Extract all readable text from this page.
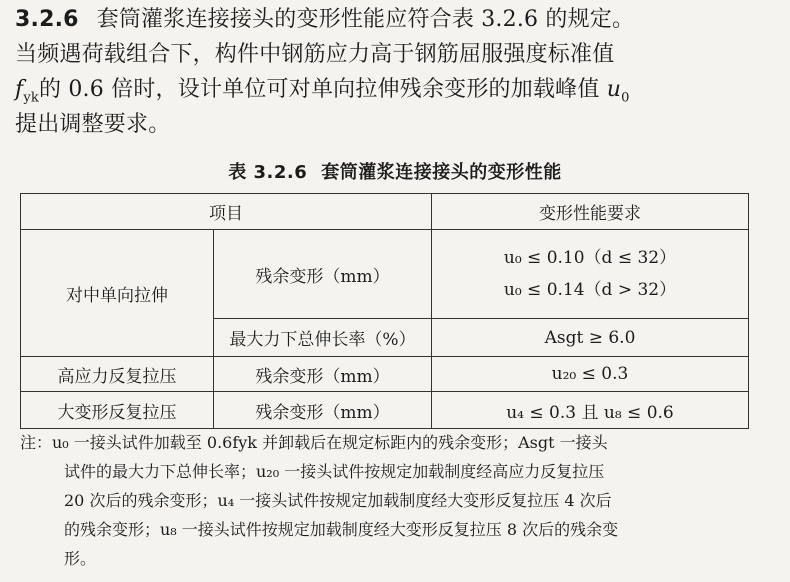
3.2.6 套筒灌浆连接接头的变形性能应符合表 3.2.6 的规定。
当频遇荷载组合下，构件中钢筋应力高于钢筋屈服强度标准值
$f_{yk}$的 0.6 倍时，设计单位可对单向拉伸残余变形的加载峰值 $u_0$
提出调整要求。
表 3.2.6 套筒灌浆连接接头的变形性能
项目		变形性能要求
对中单向拉伸	残余变形（mm）	u₀ ≤ 0.10（d ≤ 32）
u₀ ≤ 0.14（d > 32）

	最大力下总伸长率（%）	Asgt ≥ 6.0
高应力反复拉压	残余变形（mm）	u₂₀ ≤ 0.3
大变形反复拉压	残余变形（mm）	u₄ ≤ 0.3 且 u₈ ≤ 0.6
注：u₀ 一接头试件加载至 0.6fyk 并卸载后在规定标距内的残余变形；Asgt 一接头
试件的最大力下总伸长率；u₂₀ 一接头试件按规定加载制度经高应力反复拉压
20 次后的残余变形；u₄ 一接头试件按规定加载制度经大变形反复拉压 4 次后
的残余变形；u₈ 一接头试件按规定加载制度经大变形反复拉压 8 次后的残余变
形。
